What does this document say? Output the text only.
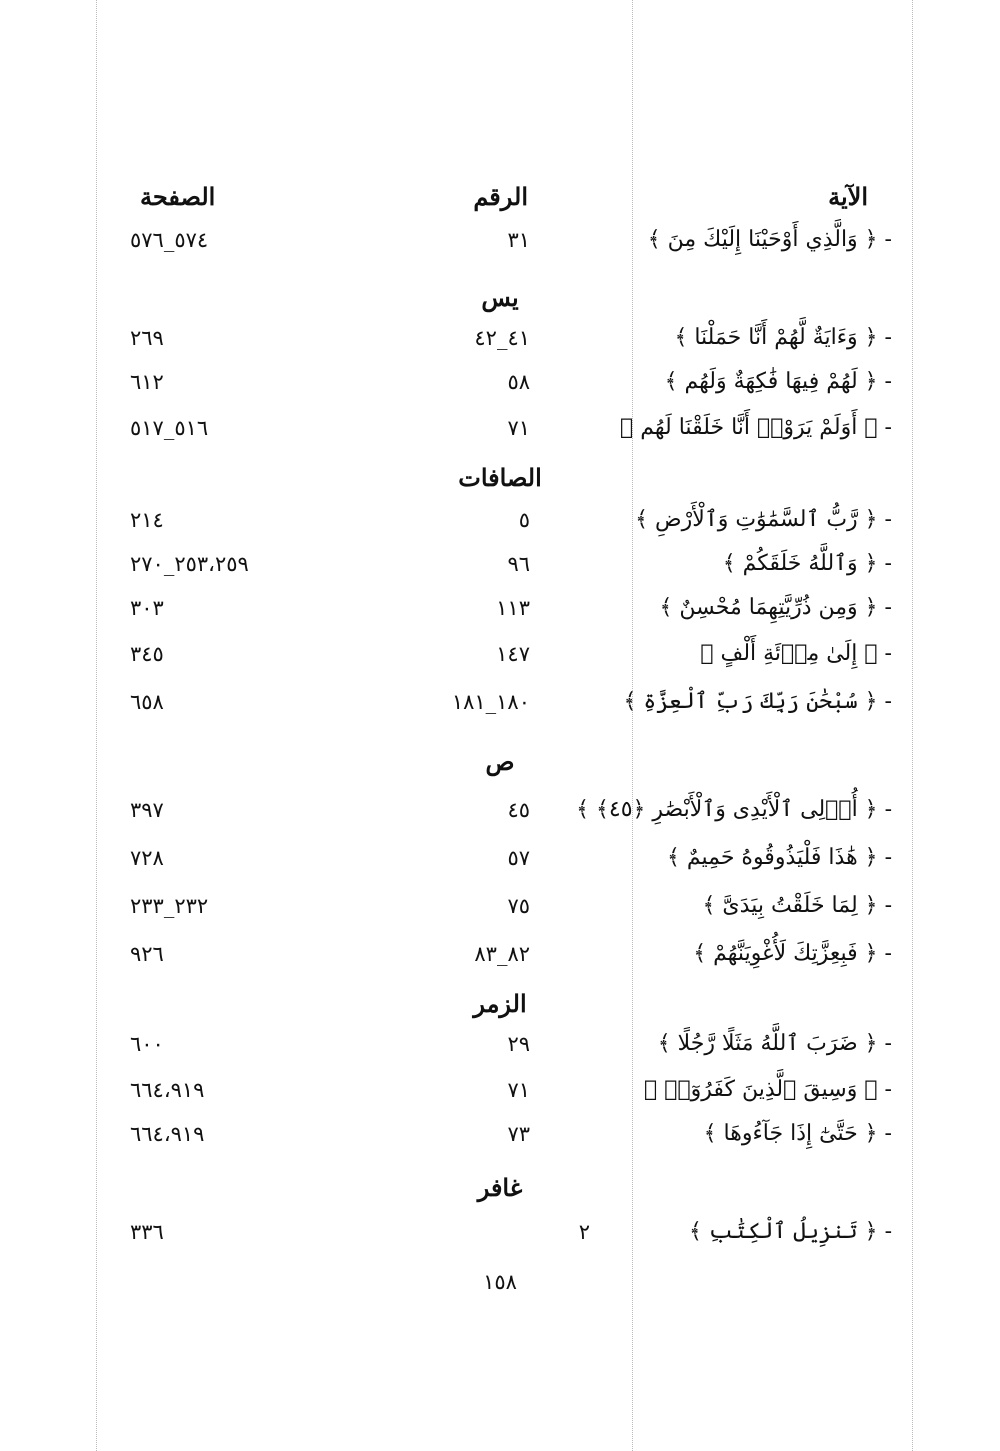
الآية
الرقم
الصفحة
- ﴿ وَالَّذِي أَوْحَيْنَا إِلَيْكَ مِنَ ﴾
٣١
٥٧٤_٥٧٦
يس
- ﴿ وَءَايَةٌ لَّهُمْ أَنَّا حَمَلْنَا ﴾
٤١_٤٢
٢٦٩
- ﴿ لَهُمْ فِيهَا فَٰكِهَةٌ وَلَهُم ﴾
٥٨
٦١٢
- ﴿ أَوَلَمْ يَرَوْا۟ أَنَّا خَلَقْنَا لَهُم ﴾
٧١
٥١٦_٥١٧
الصافات
- ﴿ رَّبُّ ٱلسَّمَٰوَٰتِ وَٱلْأَرْضِ ﴾
٥
٢١٤
- ﴿ وَٱللَّهُ خَلَقَكُمْ ﴾
٩٦
٢٥٣،٢٥٩_٢٧٠
- ﴿ وَمِن ذُرِّيَّتِهِمَا مُحْسِنٌ ﴾
١١٣
٣٠٣
- ﴿ إِلَىٰ مِا۟ئَةِ أَلْفٍ ﴾
١٤٧
٣٤٥
- ﴿ سُبْحَٰنَ رَبِّكَ رَبِّ ٱلْعِزَّةِ ﴾
١٨٠_١٨١
٦٥٨
ص
- ﴿ أُو۟لِى ٱلْأَيْدِى وَٱلْأَبْصَٰرِ ﴿٤٥﴾ ﴾
٤٥
٣٩٧
- ﴿ هَٰذَا فَلْيَذُوقُوهُ حَمِيمٌ ﴾
٥٧
٧٢٨
- ﴿ لِمَا خَلَقْتُ بِيَدَىَّ ﴾
٧٥
٢٣٢_٢٣٣
- ﴿ فَبِعِزَّتِكَ لَأُغْوِيَنَّهُمْ ﴾
٨٢_٨٣
٩٢٦
الزمر
- ﴿ ضَرَبَ ٱللَّهُ مَثَلًا رَّجُلًا ﴾
٢٩
٦٠٠
- ﴿ وَسِيقَ ٱلَّذِينَ كَفَرُوٓا۟ ﴾
٧١
٦٦٤،٩١٩
- ﴿ حَتَّىٰٓ إِذَا جَآءُوهَا ﴾
٧٣
٦٦٤،٩١٩
غافر
- ﴿ تَنزِيلُ ٱلْكِتَٰبِ ﴾
٢
٣٣٦
١٥٨
